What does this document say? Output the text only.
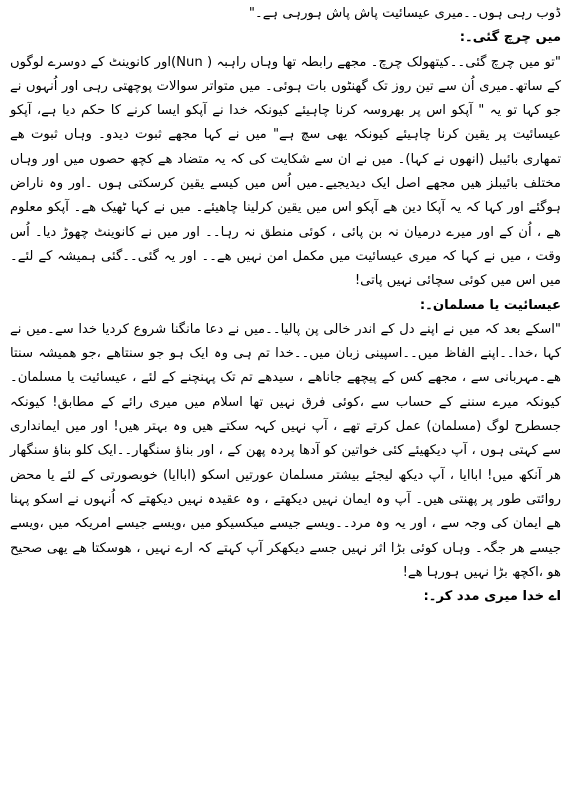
ڈوب رہی ہوں۔۔میری عیسائیت پاش پاش ہورہی ہے۔"

میں چرچ گئی۔:

"تو میں چرچ گئی۔۔کیتھولک چرچ۔ مجھے رابطہ تھا وہاں راہبہ ( Nun)اور کانوینٹ کے دوسرے لوگوں کے ساتھ۔میری اُن سے تین روز تک گھنٹوں بات ہوئی۔ میں متواتر سوالات پوچھتی رہی اور اُنہوں نے جو کہا تو یہ " آپکو اس پر بھروسہ کرنا چاہیئے کیونکہ خدا نے آپکو ایسا کرنے کا حکم دیا ہے، آپکو عیسائیت پر یقین کرنا چاہیئے کیونکہ یھی سچ ہے" میں نے کہا مجھے ثبوت دیدو۔ وہاں ثبوت ھے تمھاری بائیبل (انھوں نے کہا)۔ میں نے ان سے شکایت کی کہ یہ متضاد ھے کچھ حصوں میں اور وہاں مختلف بائیبلز ھیں مجھے اصل ایک دیدیجیے۔میں اُس میں کیسے یقین کرسکتی ہوں ۔اور وہ ناراض ہوگئے اور کہا کہ یہ آپکا دین ھے آپکو اس میں یقین کرلینا چاھیئے۔ میں نے کہا ٹھیک ھے۔ آپکو معلوم ھے ، اُن کے اور میرے درمیان نہ بن پائی ، کوئی منطق نہ رہا۔۔ اور میں نے کانوینٹ چھوڑ دیا۔ اُس وقت ، میں نے کہا کہ میری عیسائیت میں مکمل امن نہیں ھے۔۔ اور یہ گئی۔۔گئی ہمیشہ کے لئے۔ میں اس میں کوئی سچائی نہیں پاتی!

عیسائیت یا مسلمان۔:

"اسکے بعد کہ میں نے اپنے دل کے اندر خالی پن پالیا۔۔میں نے دعا مانگنا شروع کردیا خدا سے۔میں نے کہا ،خدا۔۔اپنے الفاظ میں۔۔اسپینی زبان میں۔۔خدا تم ہی وہ ایک ہو جو سنتاھے ،جو ھمیشہ سنتا ھے۔مہربانی سے ، مجھے کس کے پیچھے جاناھے ، سیدھے تم تک پہنچنے کے لئے ، عیسائیت یا مسلمان۔ کیونکہ میرے سننے کے حساب سے ،کوئی فرق نہیں تھا اسلام میں میری رائے کے مطابق! کیونکہ جسطرح لوگ (مسلمان) عمل کرتے تھے ، آپ نہیں کہہ سکتے ھیں وہ بہتر ھیں! اور میں ایمانداری سے کہتی ہوں ، آپ دیکھیئے کئی خواتین کو آدھا پردہ پھن کے ، اور بناؤ سنگھار۔۔ایک کلو بناؤ سنگھار ھر آنکھ میں! اباایا ، آپ دیکھ لیجئے بیشتر مسلمان عورتیں اسکو (اباایا) خوبصورتی کے لئے یا محض روائتی طور پر پھنتی ھیں۔ آپ وہ ایمان نہیں دیکھتے ، وہ عقیدہ نہیں دیکھتے کہ اُنہوں نے اسکو پہنا ھے ایمان کی وجہ سے ، اور یہ وہ مرد۔۔ویسے جیسے میکسیکو میں ،ویسے جیسے امریکہ میں ،ویسے جیسے ھر جگہ۔ وہاں کوئی بڑا اثر نہیں جسے دیکھکر آپ کہتے کہ ارے نہیں ، ھوسکتا ھے یھی صحیح ھو ،اکچھ بڑا نہیں ہورہا ھے!

اے خدا میری مدد کر۔:
